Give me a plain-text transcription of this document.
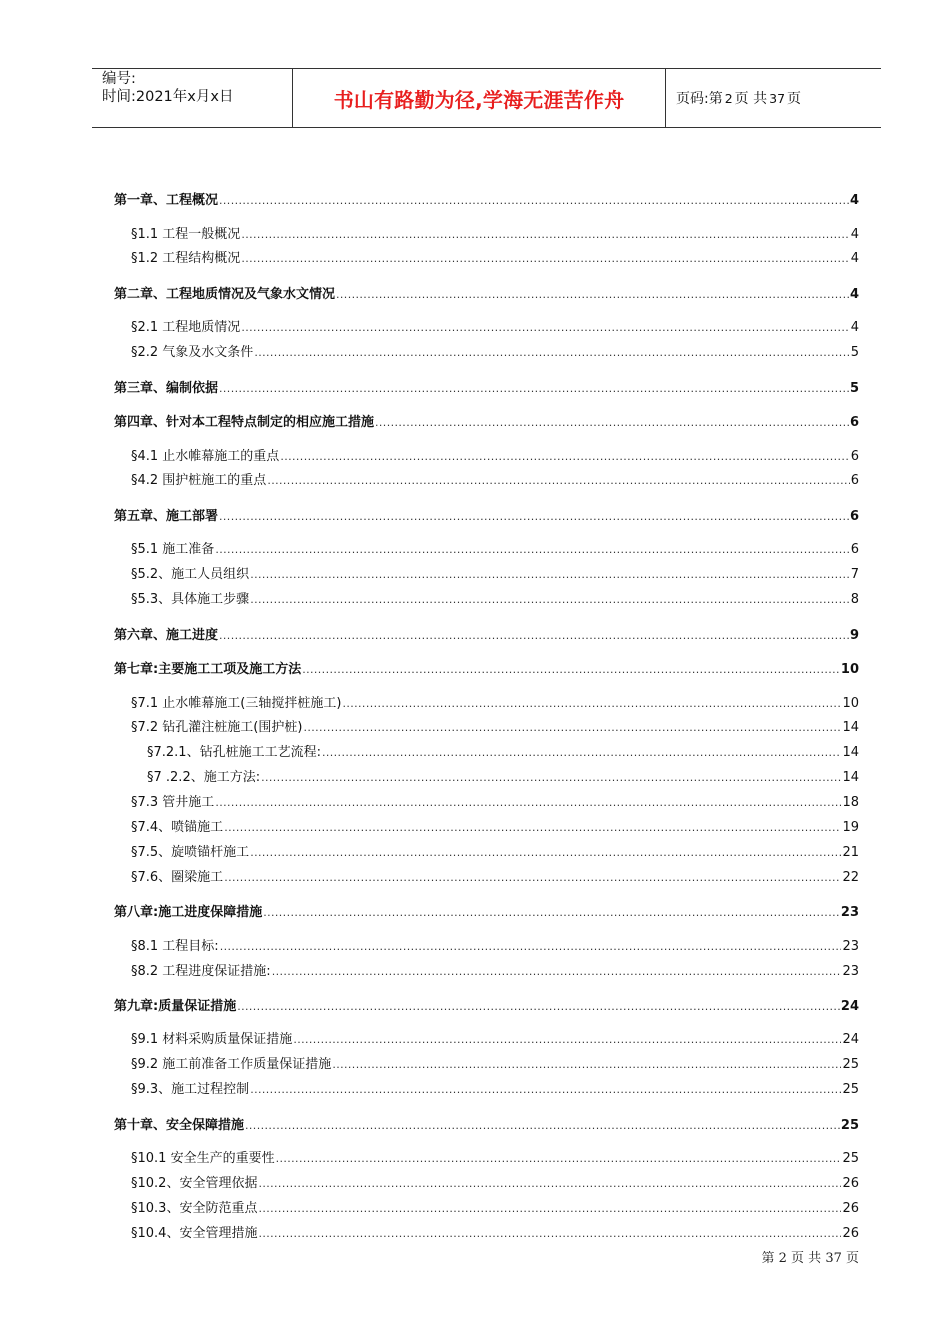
编号:
时间:2021年x月x日	书山有路勤为径,学海无涯苦作舟	页码:第 2 页 共 37 页
第一章、工程概况 .....	4
§1.1 工程一般概况 .....	4
§1.2 工程结构概况 .....	4
第二章、工程地质情况及气象水文情况 .....	4
§2.1 工程地质情况 .....	4
§2.2 气象及水文条件 .....	5
第三章、编制依据 .....	5
第四章、针对本工程特点制定的相应施工措施 .....	6
§4.1 止水帷幕施工的重点 .....	6
§4.2 围护桩施工的重点 .....	6
第五章、施工部署 .....	6
§5.1 施工准备 .....	6
§5.2、施工人员组织 .....	7
§5.3、具体施工步骤 .....	8
第六章、施工进度 .....	9
第七章:主要施工工项及施工方法 .....	10
§7.1 止水帷幕施工(三轴搅拌桩施工) .....	10
§7.2 钻孔灌注桩施工(围护桩) .....	14
§7.2.1、钻孔桩施工工艺流程: .....	14
§7 .2.2、施工方法: .....	14
§7.3 管井施工 .....	18
§7.4、喷锚施工 .....	19
§7.5、旋喷锚杆施工 .....	21
§7.6、圈梁施工 .....	22
第八章:施工进度保障措施 .....	23
§8.1 工程目标: .....	23
§8.2 工程进度保证措施: .....	23
第九章:质量保证措施 .....	24
§9.1 材料采购质量保证措施 .....	24
§9.2 施工前准备工作质量保证措施 .....	25
§9.3、施工过程控制 .....	25
第十章、安全保障措施 .....	25
§10.1 安全生产的重要性 .....	25
§10.2、安全管理依据 .....	26
§10.3、安全防范重点 .....	26
§10.4、安全管理措施 .....	26
第 2 页 共 37 页
